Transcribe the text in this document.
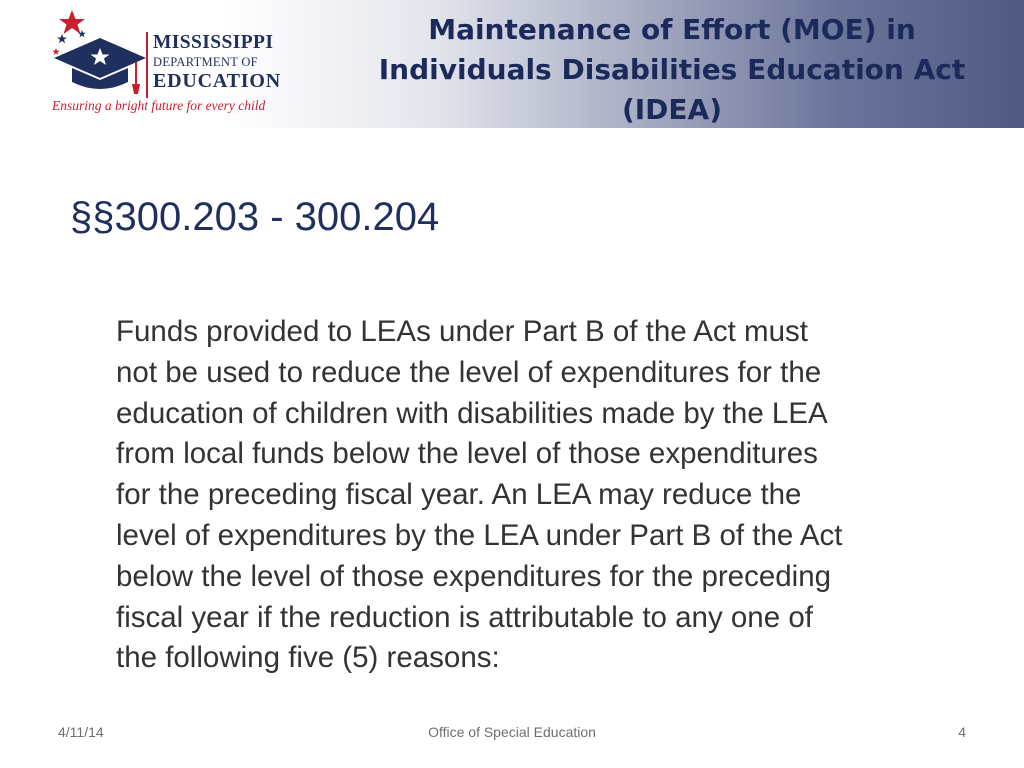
MISSISSIPPI
DEPARTMENT OF
EDUCATION
Ensuring a bright future for every child
Maintenance of Effort (MOE) in
Individuals Disabilities Education Act
(IDEA)
§§300.203 - 300.204
Funds provided to LEAs under Part B of the Act must
not be used to reduce the level of expenditures for the
education of children with disabilities made by the LEA
from local funds below the level of those expenditures
for the preceding fiscal year. An LEA may reduce the
level of expenditures by the LEA under Part B of the Act
below the level of those expenditures for the preceding
fiscal year if the reduction is attributable to any one of
the following five (5) reasons:
4/11/14	Office of Special Education	4
